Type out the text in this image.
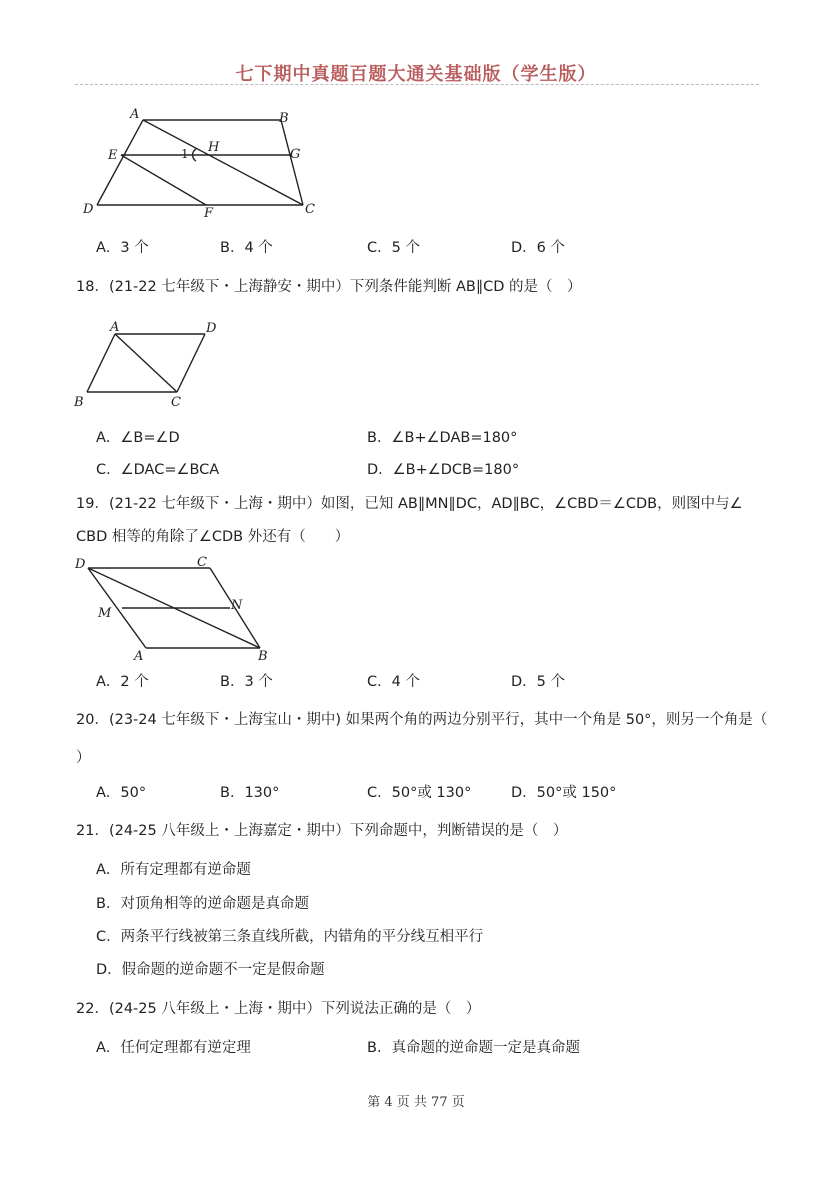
七下期中真题百题大通关基础版（学生版）
A	B
E
H	G
D	F	C
1
A．3 个	B．4 个	C．5 个	D．6 个
18．(21-22 七年级下・上海静安・期中）下列条件能判断 AB∥CD 的是（　）
A	D
B	C
A．∠B=∠D	B．∠B+∠DAB=180°
C．∠DAC=∠BCA	D．∠B+∠DCB=180°
19．(21-22 七年级下・上海・期中）如图，已知 AB∥MN∥DC，AD∥BC，∠CBD＝∠CDB，则图中与∠
CBD 相等的角除了∠CDB 外还有（　　）
D	C
M
N
A	B
A．2 个	B．3 个	C．4 个	D．5 个
20．(23-24 七年级下・上海宝山・期中) 如果两个角的两边分别平行，其中一个角是 50°，则另一个角是（
）
A．50°	B．130°	C．50°或 130°	D．50°或 150°
21．(24-25 八年级上・上海嘉定・期中）下列命题中，判断错误的是（　）
A．所有定理都有逆命题
B．对顶角相等的逆命题是真命题
C．两条平行线被第三条直线所截，内错角的平分线互相平行
D．假命题的逆命题不一定是假命题
22．(24-25 八年级上・上海・期中）下列说法正确的是（　）
A．任何定理都有逆定理	B．真命题的逆命题一定是真命题
第 4 页 共 77 页
